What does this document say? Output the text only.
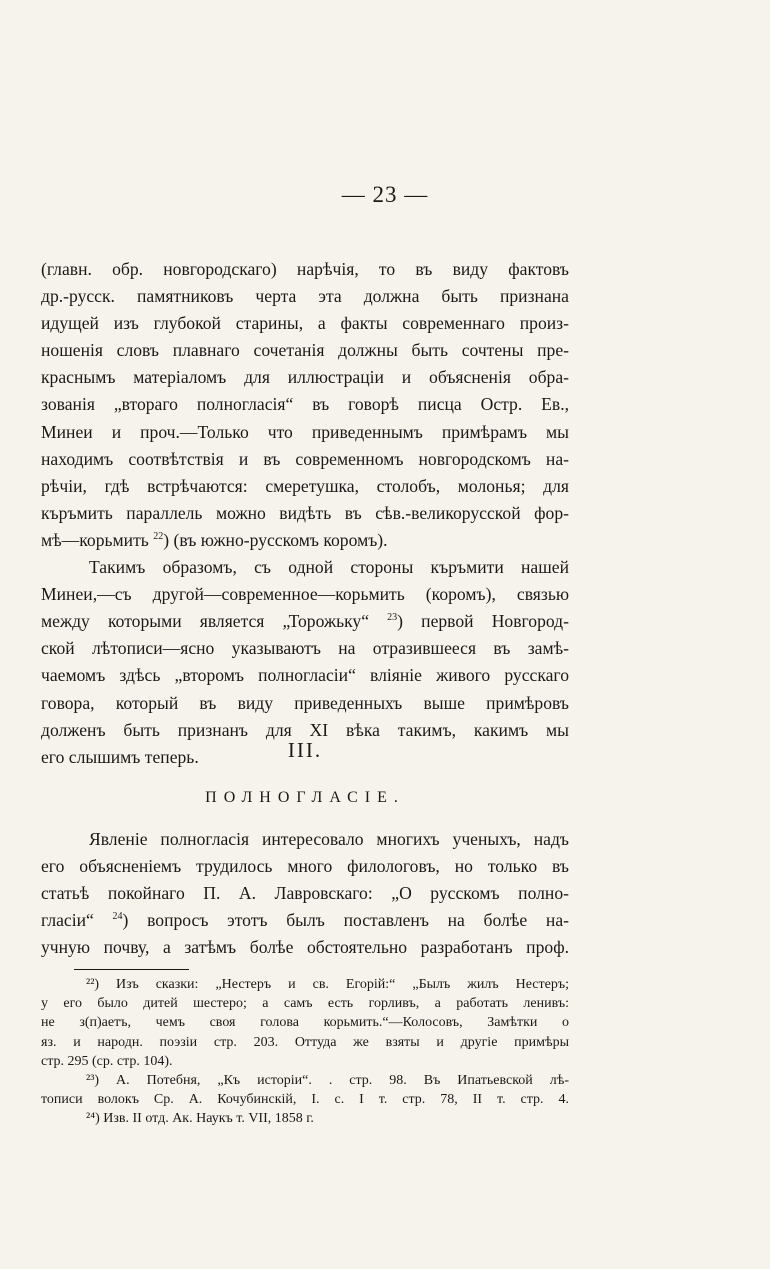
— 23 —
(главн. обр. новгородскаго) нарѣчія, то въ виду фактовъ
др.-русск. памятниковъ черта эта должна быть признана
идущей изъ глубокой старины, а факты современнаго произ-
ношенія словъ плавнаго сочетанія должны быть сочтены пре-
краснымъ матеріаломъ для иллюстраціи и объясненія обра-
зованія „втораго полногласія“ въ говорѣ писца Остр. Ев.,
Минеи и проч.—Только что приведеннымъ примѣрамъ мы
находимъ соотвѣтствія и въ современномъ новгородскомъ на-
рѣчіи, гдѣ встрѣчаются: смеретушка, столобъ, молонья; для
къръмить параллель можно видѣть въ сѣв.-великорусской фор-
мѣ—корьмить $^{22}$) (въ южно-русскомъ коромъ).
Такимъ образомъ, съ одной стороны къръмити нашей
Минеи,—съ другой—современное—корьмить (коромъ), связью
между которыми является „Торожьку“ $^{23}$) первой Новгород-
ской лѣтописи—ясно указываютъ на отразившееся въ замѣ-
чаемомъ здѣсь „второмъ полногласіи“ вліяніе живого русскаго
говора, который въ виду приведенныхъ выше примѣровъ
долженъ быть признанъ для XI вѣка такимъ, какимъ мы
его слышимъ теперь.	III.
ПОЛНОГЛАСІЕ.
Явленіе полногласія интересовало многихъ ученыхъ, надъ
его объясненіемъ трудилось много филологовъ, но только въ
статьѣ покойнаго П. А. Лавровскаго: „О русскомъ полно-
гласіи“ $^{24}$) вопросъ этотъ былъ поставленъ на болѣе на-
учную почву, а затѣмъ болѣе обстоятельно разработанъ проф.
²²) Изъ сказки: „Нестеръ и св. Егорій:“ „Былъ жилъ Нестеръ;
у его было дитей шестеро; а самъ есть горливъ, а работать ленивъ:
не з(п)аетъ, чемъ своя голова корьмить.“—Колосовъ, Замѣтки о
яз. и народн. поэзіи стр. 203. Оттуда же взяты и другіе примѣры
стр. 295 (ср. стр. 104).
²³) А. Потебня, „Къ исторіи“. . стр. 98. Въ Ипатьевской лѣ-
тописи волокъ Ср. А. Кочубинскій, І. с. І т. стр. 78, ІІ т. стр. 4.
²⁴) Изв. ІІ отд. Ак. Наукъ т. VII, 1858 г.
